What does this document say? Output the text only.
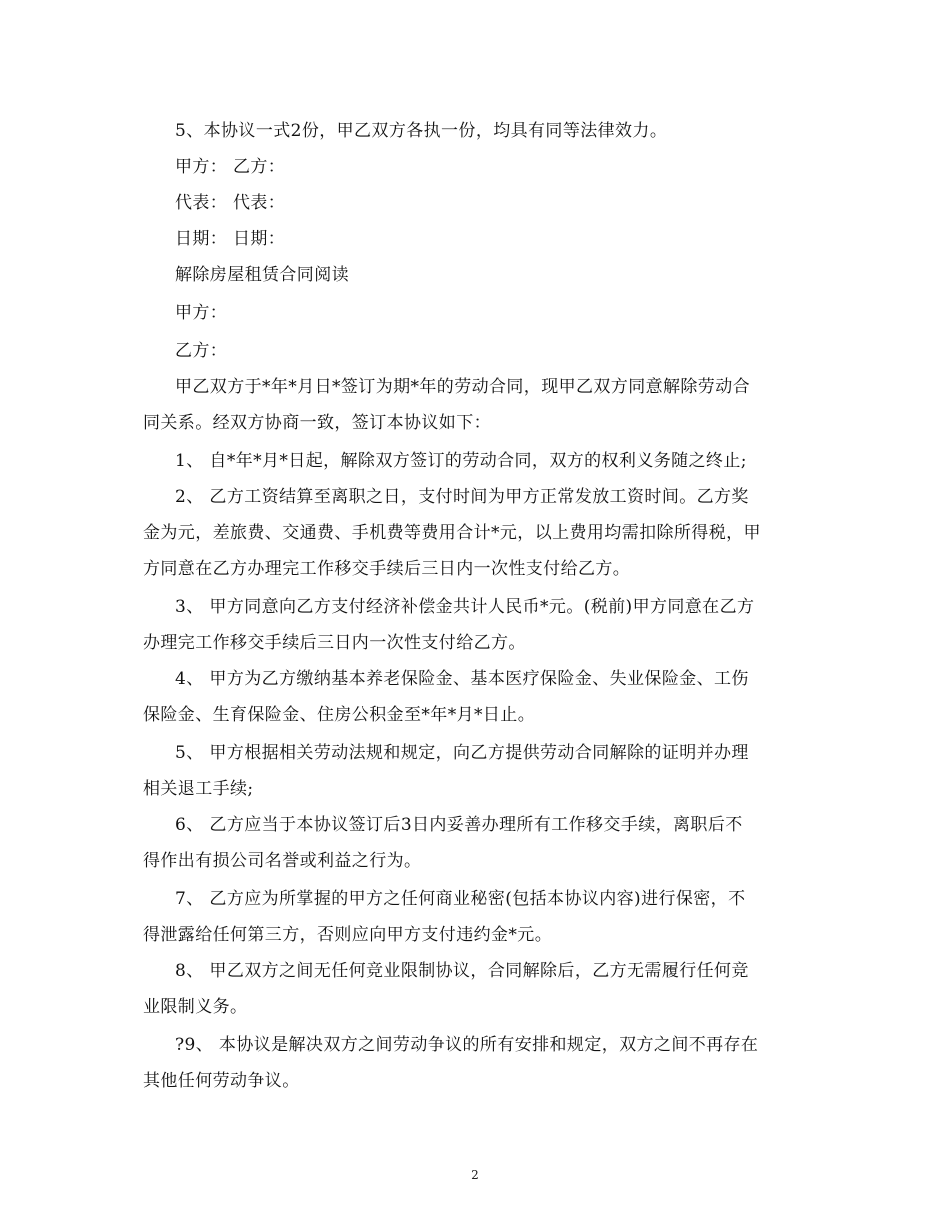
5、本协议一式2份，甲乙双方各执一份，均具有同等法律效力。
甲方： 乙方：
代表： 代表：
日期： 日期：
解除房屋租赁合同阅读
甲方：
乙方：
甲乙双方于*年*月日*签订为期*年的劳动合同，现甲乙双方同意解除劳动合
同关系。经双方协商一致，签订本协议如下：
1、 自*年*月*日起，解除双方签订的劳动合同，双方的权利义务随之终止;
2、 乙方工资结算至离职之日，支付时间为甲方正常发放工资时间。乙方奖
金为元，差旅费、交通费、手机费等费用合计*元，以上费用均需扣除所得税，甲
方同意在乙方办理完工作移交手续后三日内一次性支付给乙方。
3、 甲方同意向乙方支付经济补偿金共计人民币*元。(税前)甲方同意在乙方
办理完工作移交手续后三日内一次性支付给乙方。
4、 甲方为乙方缴纳基本养老保险金、基本医疗保险金、失业保险金、工伤
保险金、生育保险金、住房公积金至*年*月*日止。
5、 甲方根据相关劳动法规和规定，向乙方提供劳动合同解除的证明并办理
相关退工手续;
6、 乙方应当于本协议签订后3日内妥善办理所有工作移交手续，离职后不
得作出有损公司名誉或利益之行为。
7、 乙方应为所掌握的甲方之任何商业秘密(包括本协议内容)进行保密，不
得泄露给任何第三方，否则应向甲方支付违约金*元。
8、 甲乙双方之间无任何竞业限制协议，合同解除后，乙方无需履行任何竞
业限制义务。
?9、 本协议是解决双方之间劳动争议的所有安排和规定，双方之间不再存在
其他任何劳动争议。
2
